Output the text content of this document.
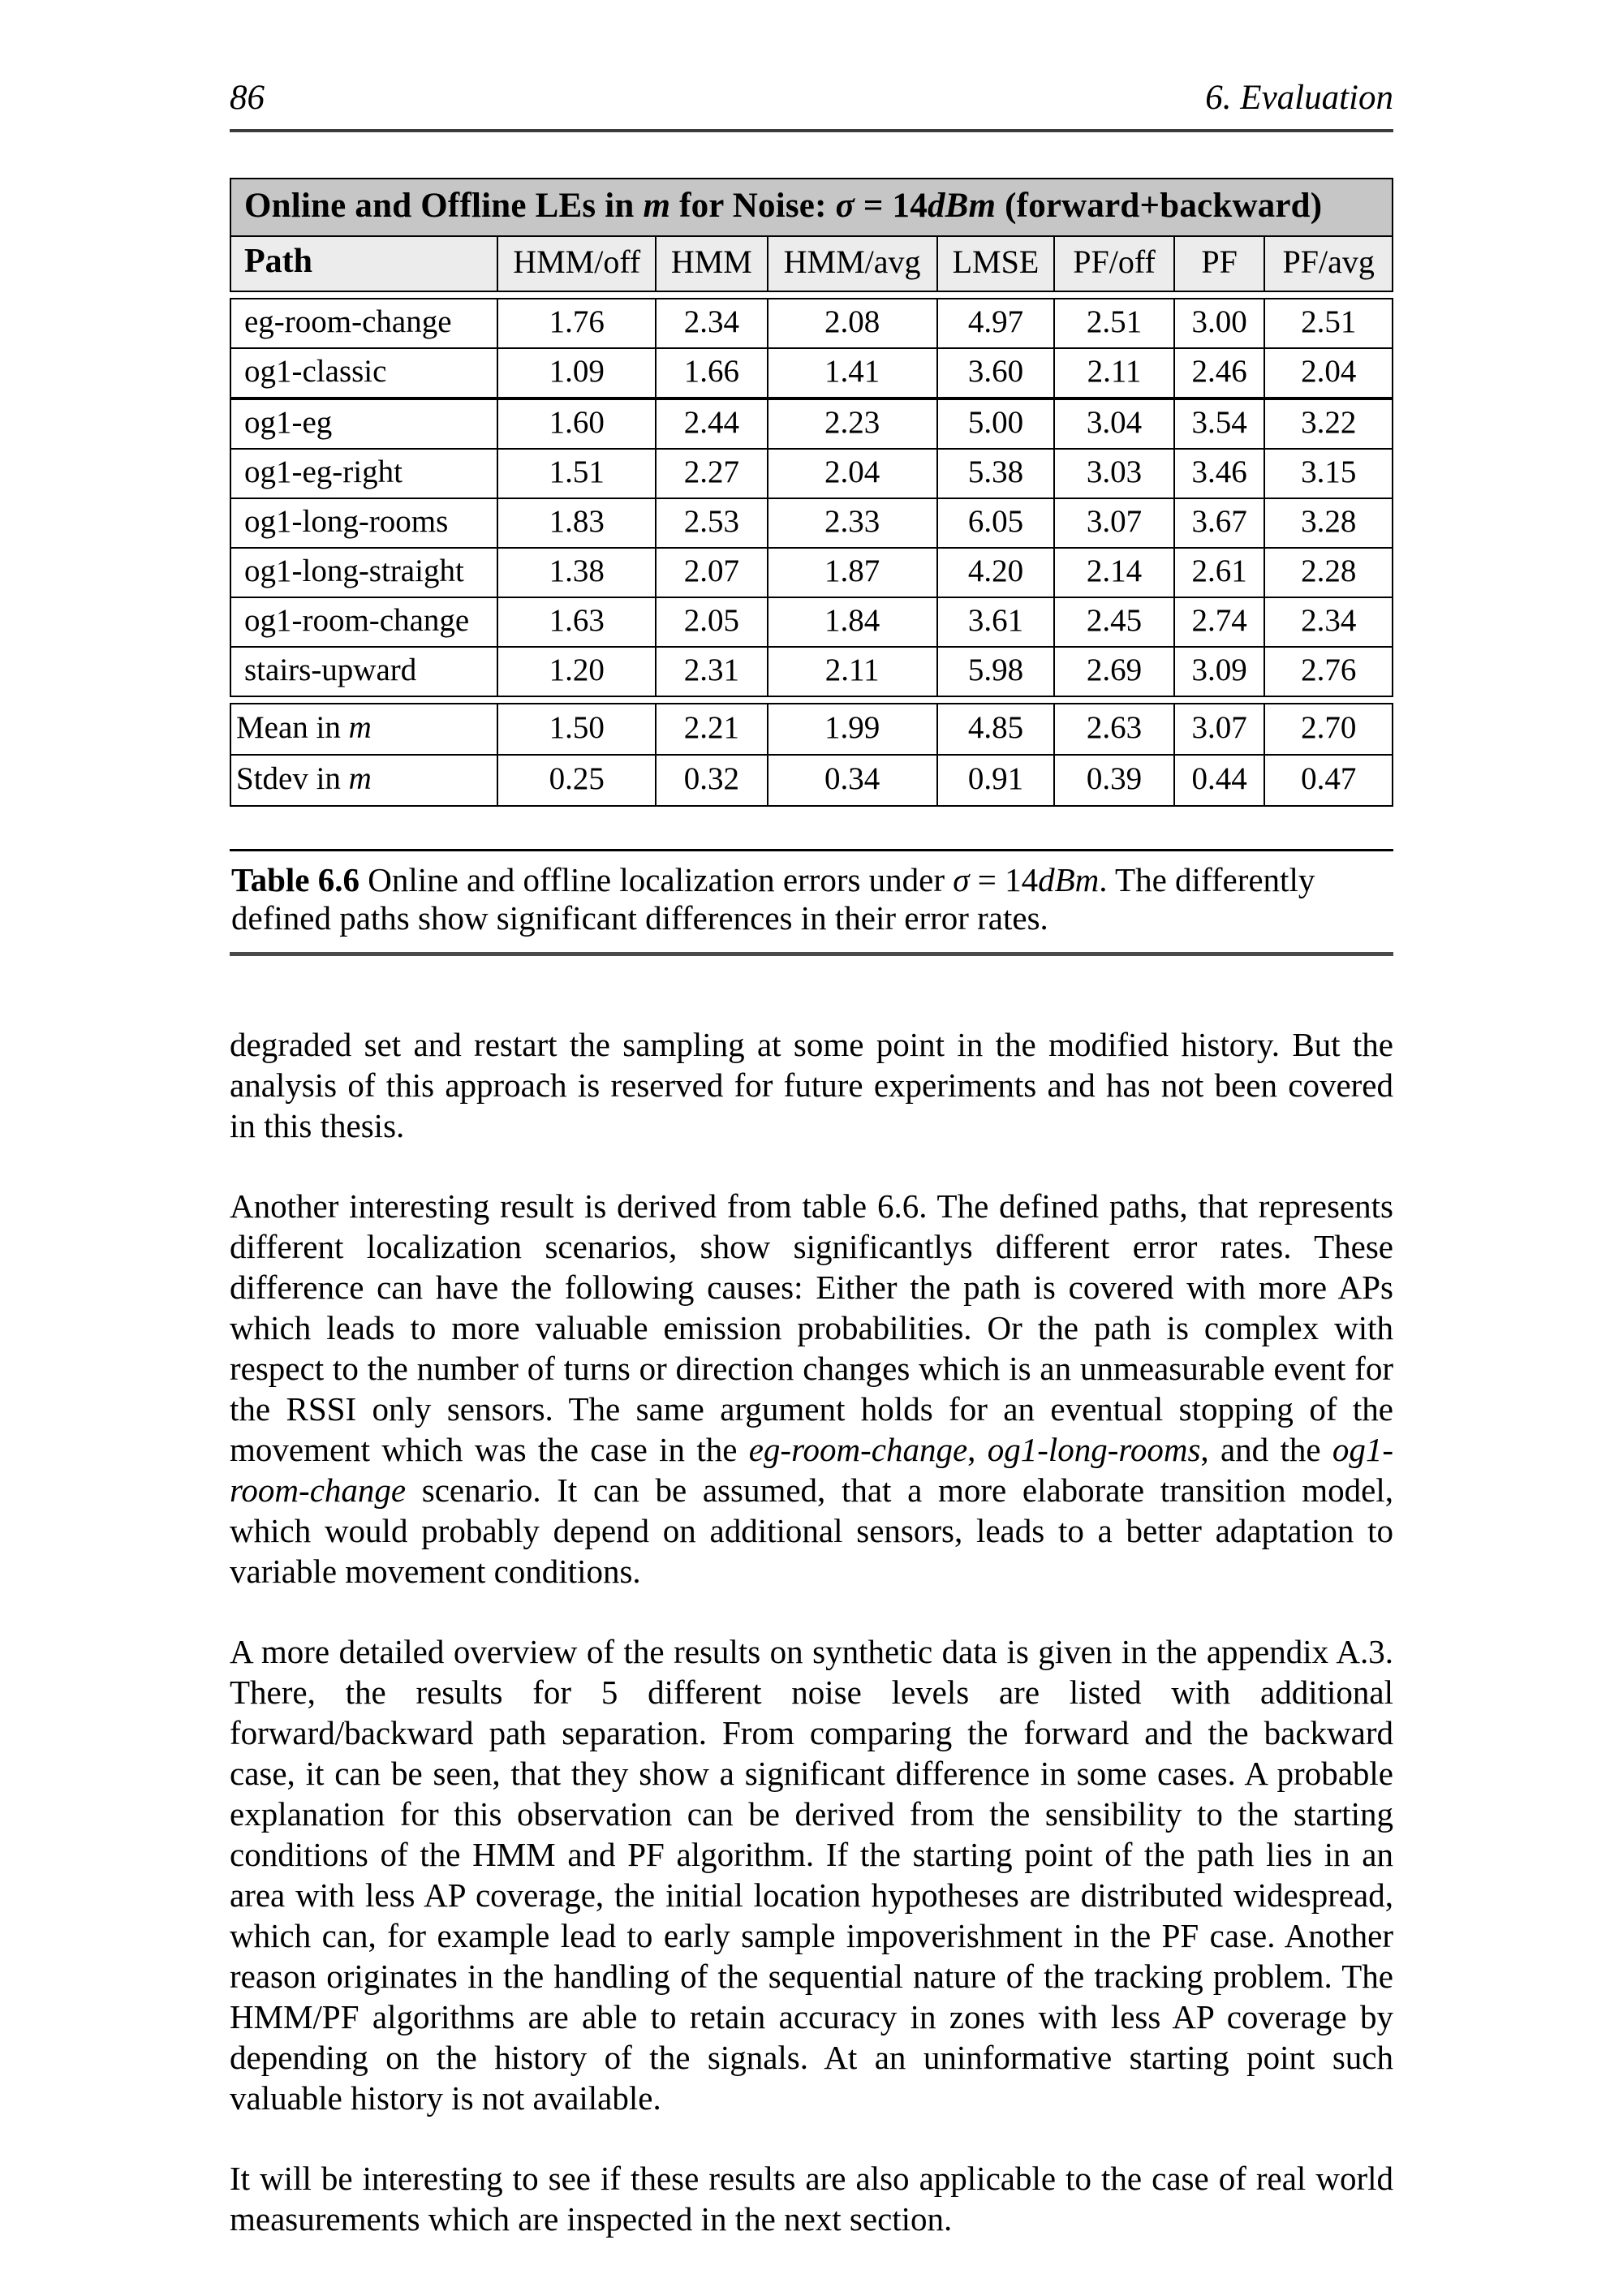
86	6. Evaluation
Online and Offline LEs in m for Noise: σ = 14dBm (forward+backward)							
Path	HMM/off	HMM	HMM/avg	LMSE	PF/off	PF	PF/avg

eg-room-change	1.76	2.34	2.08	4.97	2.51	3.00	2.51
og1-classic	1.09	1.66	1.41	3.60	2.11	2.46	2.04
og1-eg	1.60	2.44	2.23	5.00	3.04	3.54	3.22
og1-eg-right	1.51	2.27	2.04	5.38	3.03	3.46	3.15
og1-long-rooms	1.83	2.53	2.33	6.05	3.07	3.67	3.28
og1-long-straight	1.38	2.07	1.87	4.20	2.14	2.61	2.28
og1-room-change	1.63	2.05	1.84	3.61	2.45	2.74	2.34
stairs-upward	1.20	2.31	2.11	5.98	2.69	3.09	2.76

Mean in m	1.50	2.21	1.99	4.85	2.63	3.07	2.70
Stdev in m	0.25	0.32	0.34	0.91	0.39	0.44	0.47
Table 6.6 Online and offline localization errors under σ = 14dBm. The differently defined paths show significant differences in their error rates.

degraded set and restart the sampling at some point in the modified history. But the analysis of this approach is reserved for future experiments and has not been covered in this thesis.

Another interesting result is derived from table 6.6. The defined paths, that represents different localization scenarios, show significantlys different error rates. These difference can have the following causes: Either the path is covered with more APs which leads to more valuable emission probabilities. Or the path is complex with respect to the number of turns or direction changes which is an unmeasurable event for the RSSI only sensors. The same argument holds for an eventual stopping of the movement which was the case in the eg-room-change, og1-long-rooms, and the og1-room-change scenario. It can be assumed, that a more elaborate transition model, which would probably depend on additional sensors, leads to a better adaptation to variable movement conditions.

A more detailed overview of the results on synthetic data is given in the appendix A.3. There, the results for 5 different noise levels are listed with additional forward/backward path separation. From comparing the forward and the backward case, it can be seen, that they show a significant difference in some cases. A probable explanation for this observation can be derived from the sensibility to the starting conditions of the HMM and PF algorithm. If the starting point of the path lies in an area with less AP coverage, the initial location hypotheses are distributed widespread, which can, for example lead to early sample impoverishment in the PF case. Another reason originates in the handling of the sequential nature of the tracking problem. The HMM/PF algorithms are able to retain accuracy in zones with less AP coverage by depending on the history of the signals. At an uninformative starting point such valuable history is not available.

It will be interesting to see if these results are also applicable to the case of real world measurements which are inspected in the next section.
